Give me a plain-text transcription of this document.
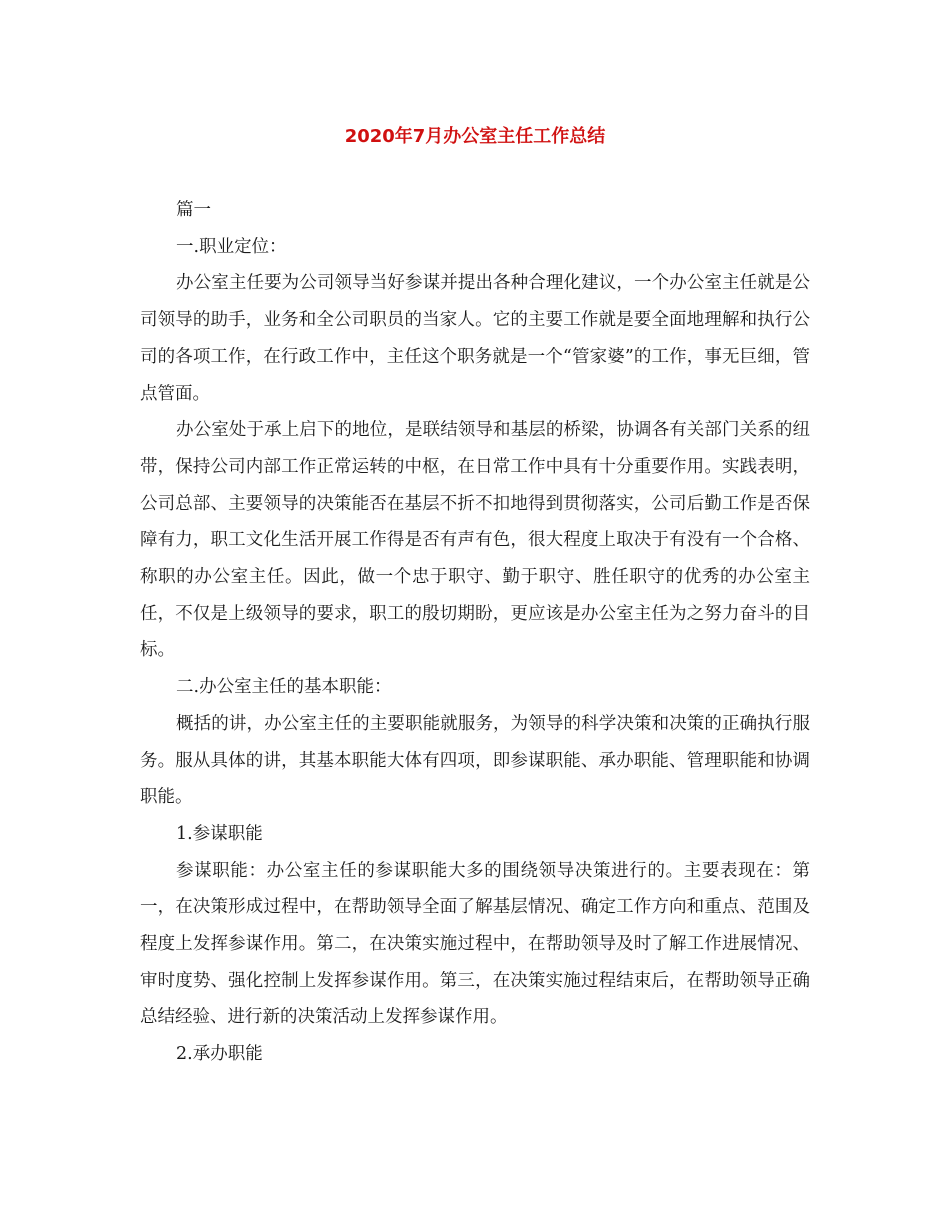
2020年7月办公室主任工作总结

篇一

一.职业定位：

办公室主任要为公司领导当好参谋并提出各种合理化建议，一个办公室主任就是公司领导的助手，业务和全公司职员的当家人。它的主要工作就是要全面地理解和执行公司的各项工作，在行政工作中，主任这个职务就是一个“管家婆”的工作，事无巨细，管点管面。

办公室处于承上启下的地位，是联结领导和基层的桥梁，协调各有关部门关系的纽带，保持公司内部工作正常运转的中枢，在日常工作中具有十分重要作用。实践表明，公司总部、主要领导的决策能否在基层不折不扣地得到贯彻落实，公司后勤工作是否保障有力，职工文化生活开展工作得是否有声有色，很大程度上取决于有没有一个合格、称职的办公室主任。因此，做一个忠于职守、勤于职守、胜任职守的优秀的办公室主任，不仅是上级领导的要求，职工的殷切期盼，更应该是办公室主任为之努力奋斗的目标。

二.办公室主任的基本职能：

概括的讲，办公室主任的主要职能就服务，为领导的科学决策和决策的正确执行服务。服从具体的讲，其基本职能大体有四项，即参谋职能、承办职能、管理职能和协调职能。

1.参谋职能

参谋职能：办公室主任的参谋职能大多的围绕领导决策进行的。主要表现在：第一，在决策形成过程中，在帮助领导全面了解基层情况、确定工作方向和重点、范围及程度上发挥参谋作用。第二，在决策实施过程中，在帮助领导及时了解工作进展情况、审时度势、强化控制上发挥参谋作用。第三，在决策实施过程结束后，在帮助领导正确总结经验、进行新的决策活动上发挥参谋作用。

2.承办职能
